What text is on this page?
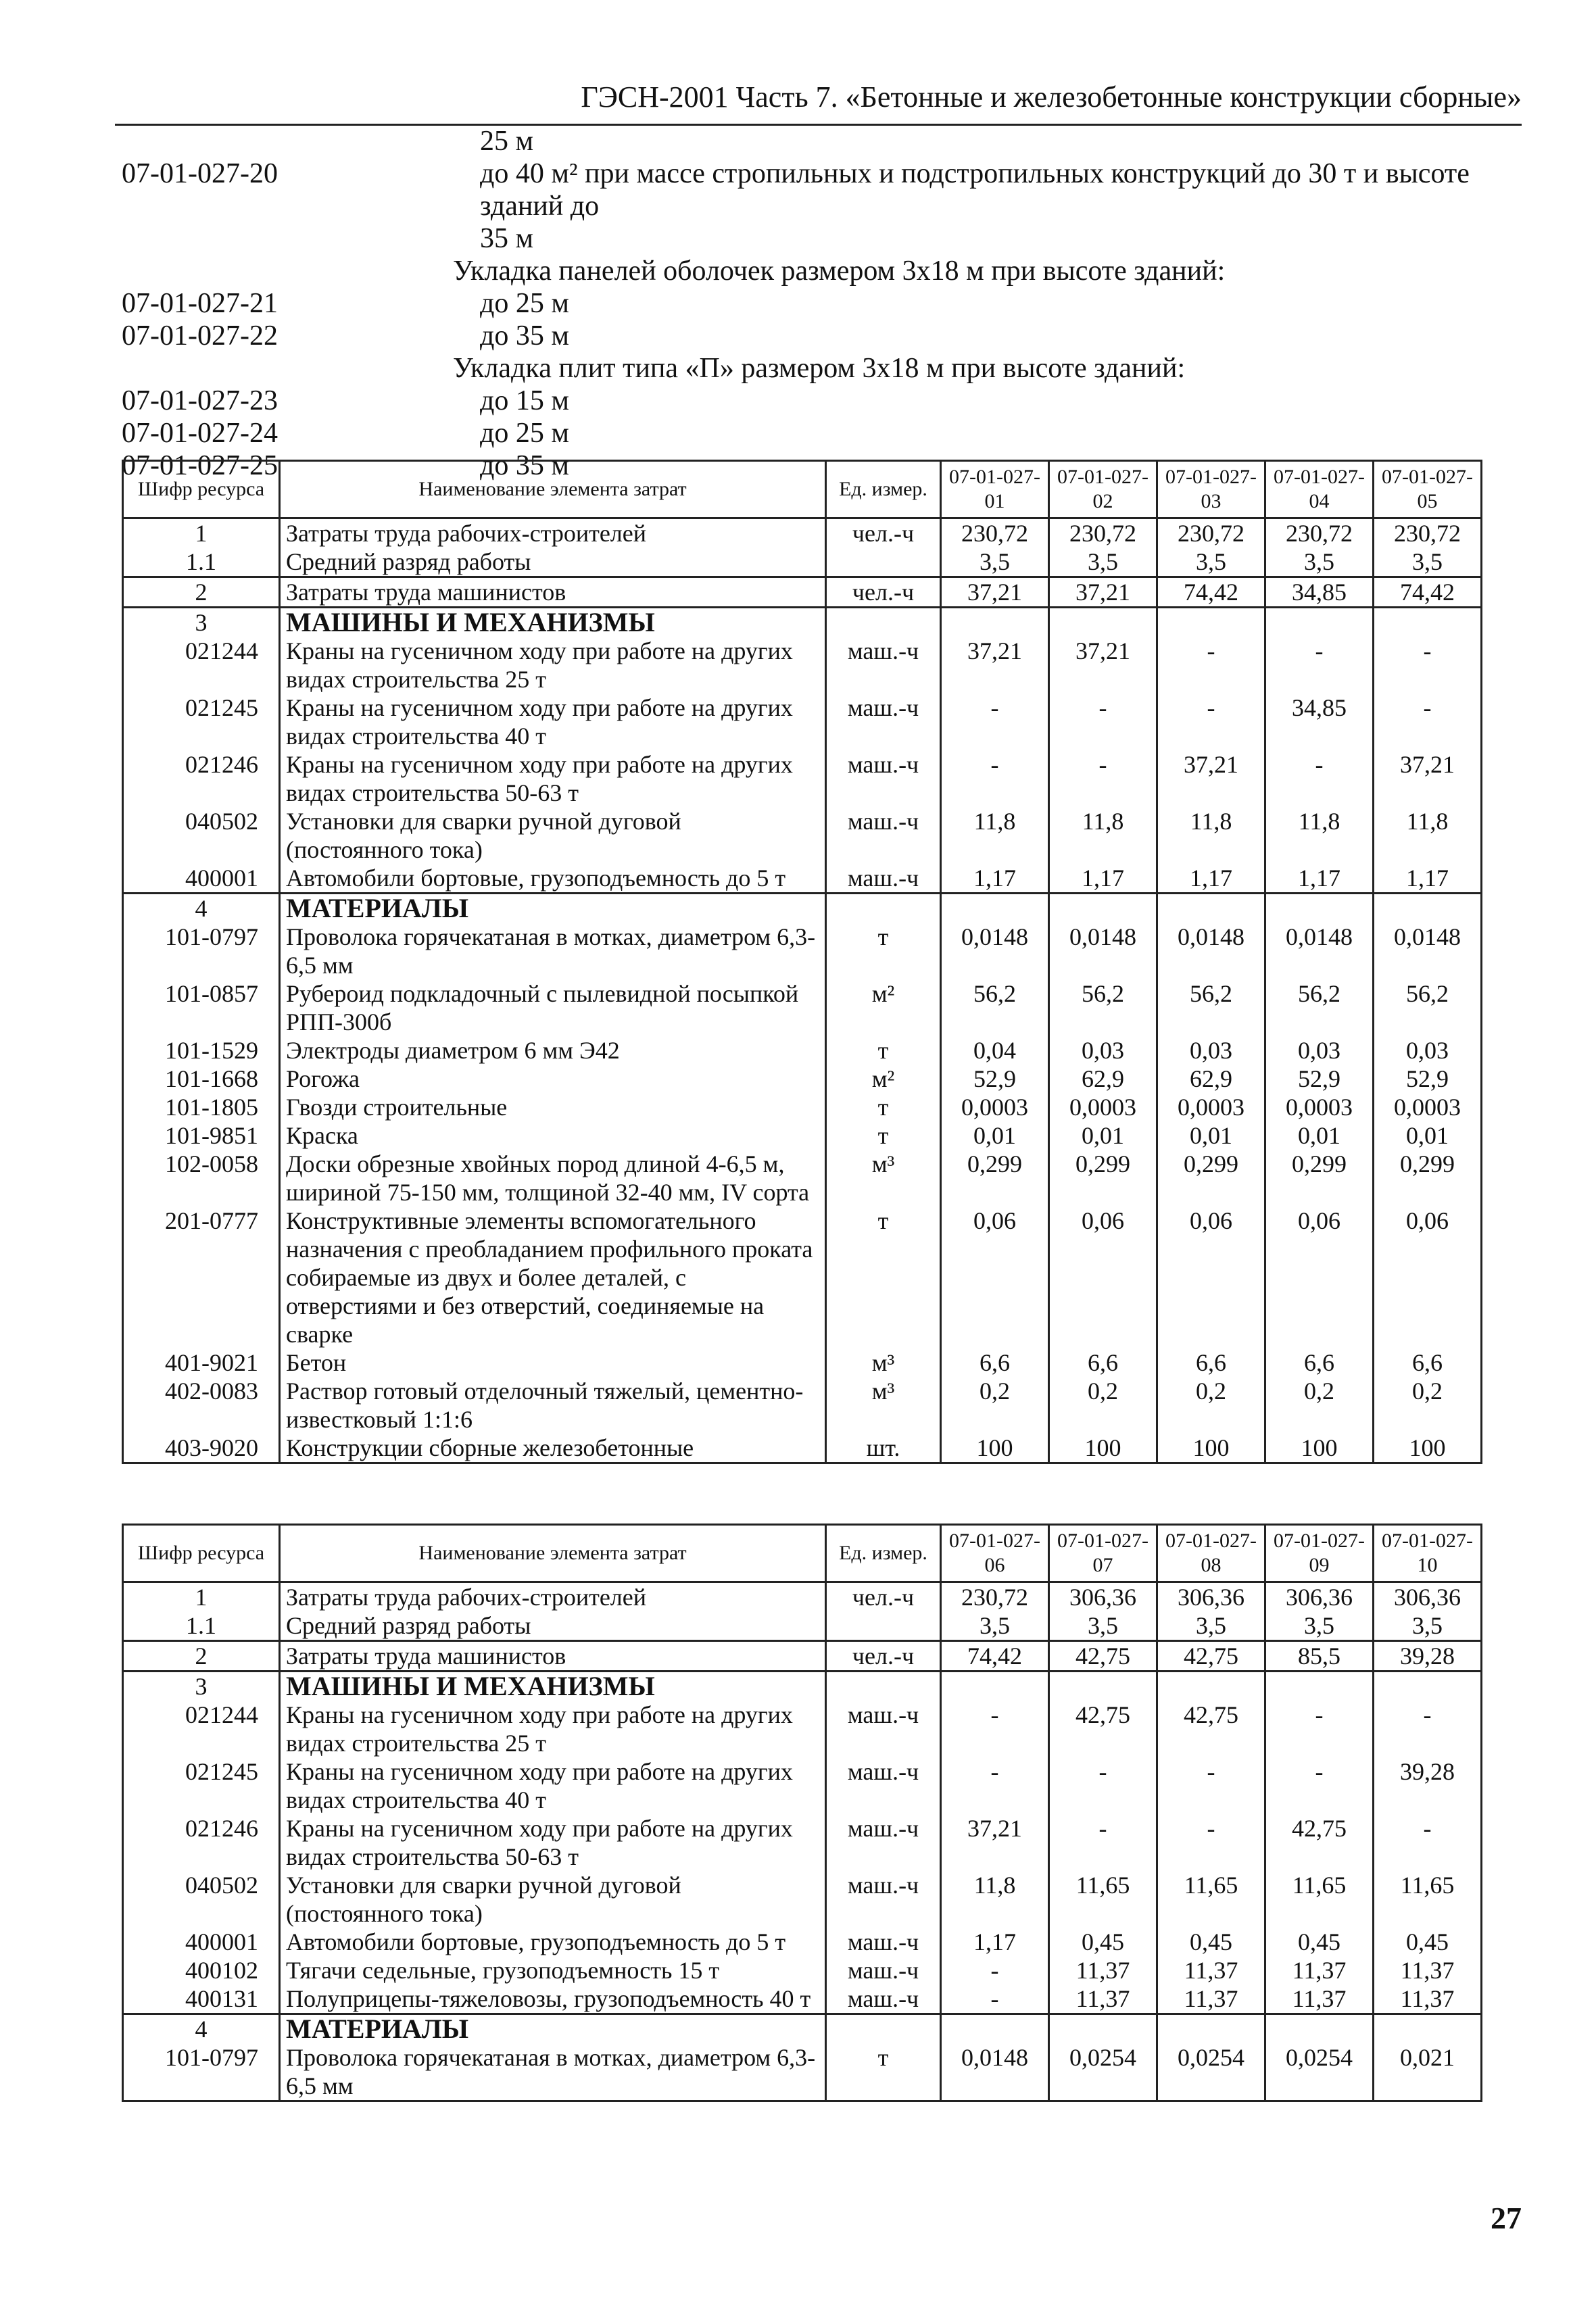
ГЭСН-2001 Часть 7. «Бетонные и железобетонные конструкции сборные»
25 м
07-01-027-20	до 40 м² при массе стропильных и подстропильных конструкций до 30 т и высоте зданий до
35 м
Укладка панелей оболочек размером 3x18 м при высоте зданий:
07-01-027-21	до 25 м
07-01-027-22	до 35 м
Укладка плит типа «П» размером 3x18 м при высоте зданий:
07-01-027-23	до 15 м
07-01-027-24	до 25 м
07-01-027-25	до 35 м
Шифр ресурса	Наименование элемента затрат	Ед. измер.	07-01-027-01	07-01-027-02	07-01-027-03	07-01-027-04	07-01-027-05
1	Затраты труда рабочих-строителей	чел.-ч	230,72	230,72	230,72	230,72	230,72
1.1	Средний разряд работы		3,5	3,5	3,5	3,5	3,5
2	Затраты труда машинистов	чел.-ч	37,21	37,21	74,42	34,85	74,42
3	МАШИНЫ И МЕХАНИЗМЫ						
021244	Краны на гусеничном ходу при работе на других видах строительства 25 т	маш.-ч	37,21	37,21	-	-	-
021245	Краны на гусеничном ходу при работе на других видах строительства 40 т	маш.-ч	-	-	-	34,85	-
021246	Краны на гусеничном ходу при работе на других видах строительства 50-63 т	маш.-ч	-	-	37,21	-	37,21
040502	Установки для сварки ручной дуговой (постоянного тока)	маш.-ч	11,8	11,8	11,8	11,8	11,8
400001	Автомобили бортовые, грузоподъемность до 5 т	маш.-ч	1,17	1,17	1,17	1,17	1,17
4	МАТЕРИАЛЫ						
101-0797	Проволока горячекатаная в мотках, диаметром 6,3-6,5 мм	т	0,0148	0,0148	0,0148	0,0148	0,0148
101-0857	Рубероид подкладочный с пылевидной посыпкой РПП-300б	м²	56,2	56,2	56,2	56,2	56,2
101-1529	Электроды диаметром 6 мм Э42	т	0,04	0,03	0,03	0,03	0,03
101-1668	Рогожа	м²	52,9	62,9	62,9	52,9	52,9
101-1805	Гвозди строительные	т	0,0003	0,0003	0,0003	0,0003	0,0003
101-9851	Краска	т	0,01	0,01	0,01	0,01	0,01
102-0058	Доски обрезные хвойных пород длиной 4-6,5 м, шириной 75-150 мм, толщиной 32-40 мм, IV сорта	м³	0,299	0,299	0,299	0,299	0,299
201-0777	Конструктивные элементы вспомогательного назначения с преобладанием профильного проката собираемые из двух и более деталей, с отверстиями и без отверстий, соединяемые на сварке	т	0,06	0,06	0,06	0,06	0,06
401-9021	Бетон	м³	6,6	6,6	6,6	6,6	6,6
402-0083	Раствор готовый отделочный тяжелый, цементно-известковый 1:1:6	м³	0,2	0,2	0,2	0,2	0,2
403-9020	Конструкции сборные железобетонные	шт.	100	100	100	100	100
Шифр ресурса	Наименование элемента затрат	Ед. измер.	07-01-027-06	07-01-027-07	07-01-027-08	07-01-027-09	07-01-027-10
1	Затраты труда рабочих-строителей	чел.-ч	230,72	306,36	306,36	306,36	306,36
1.1	Средний разряд работы		3,5	3,5	3,5	3,5	3,5
2	Затраты труда машинистов	чел.-ч	74,42	42,75	42,75	85,5	39,28
3	МАШИНЫ И МЕХАНИЗМЫ						
021244	Краны на гусеничном ходу при работе на других видах строительства 25 т	маш.-ч	-	42,75	42,75	-	-
021245	Краны на гусеничном ходу при работе на других видах строительства 40 т	маш.-ч	-	-	-	-	39,28
021246	Краны на гусеничном ходу при работе на других видах строительства 50-63 т	маш.-ч	37,21	-	-	42,75	-
040502	Установки для сварки ручной дуговой (постоянного тока)	маш.-ч	11,8	11,65	11,65	11,65	11,65
400001	Автомобили бортовые, грузоподъемность до 5 т	маш.-ч	1,17	0,45	0,45	0,45	0,45
400102	Тягачи седельные, грузоподъемность 15 т	маш.-ч	-	11,37	11,37	11,37	11,37
400131	Полуприцепы-тяжеловозы, грузоподъемность 40 т	маш.-ч	-	11,37	11,37	11,37	11,37
4	МАТЕРИАЛЫ						
101-0797	Проволока горячекатаная в мотках, диаметром 6,3-6,5 мм	т	0,0148	0,0254	0,0254	0,0254	0,021
27
